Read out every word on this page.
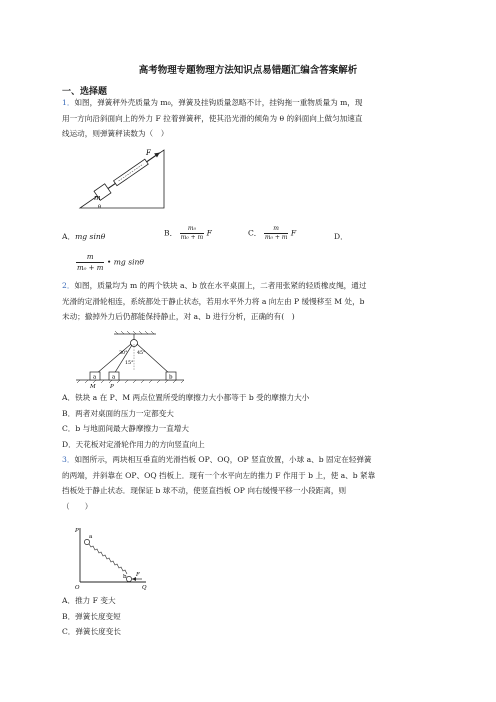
高考物理专题物理方法知识点易错题汇编含答案解析
一、选择题
1．如图，弹簧秤外壳质量为 m₀，弹簧及挂钩质量忽略不计，挂钩拖一重物质量为 m，现
用一方向沿斜面向上的外力 F 拉着弹簧秤，使其沿光滑的倾角为 θ 的斜面向上做匀加速直
线运动，则弹簧秤读数为（　）
F
m
θ
A．mg sinθ	B． $\frac{\text{m₀}}{\text{m₀ + m}}$ F	C． $\frac{m}{\text{m₀ + m}}$ F	D．
$\frac{m}{\text{m₀ + m}}$ • mg sinθ
2．如图，质量均为 m 的两个铁块 a、b 放在水平桌面上，二者用张紧的轻质橡皮绳，通过
光滑的定滑轮相连，系统都处于静止状态，若用水平外力将 a 向左由 P 缓慢移至 M 处，b
未动；撤掉外力后仍都能保持静止，对 a、b 进行分析，正确的有(　)
a	a	b
M	P
30° 45°
15°
A．铁块 a 在 P、M 两点位置所受的摩擦力大小都等于 b 受的摩擦力大小
B．两者对桌面的压力一定都变大
C．b 与地面间最大静摩擦力一直增大
D．天花板对定滑轮作用力的方向竖直向上
3．如图所示，两块相互垂直的光滑挡板 OP、OQ，OP 竖直放置，小球 a、b 固定在轻弹簧
的两端，并斜靠在 OP、OQ 挡板上．现有一个水平向左的推力 F 作用于 b 上，使 a、b 紧靠
挡板处于静止状态．现保证 b 球不动，使竖直挡板 OP 向右缓慢平移一小段距离，则
（　　）
P
a
b F
O	Q
A．推力 F 变大
B．弹簧长度变短
C．弹簧长度变长
